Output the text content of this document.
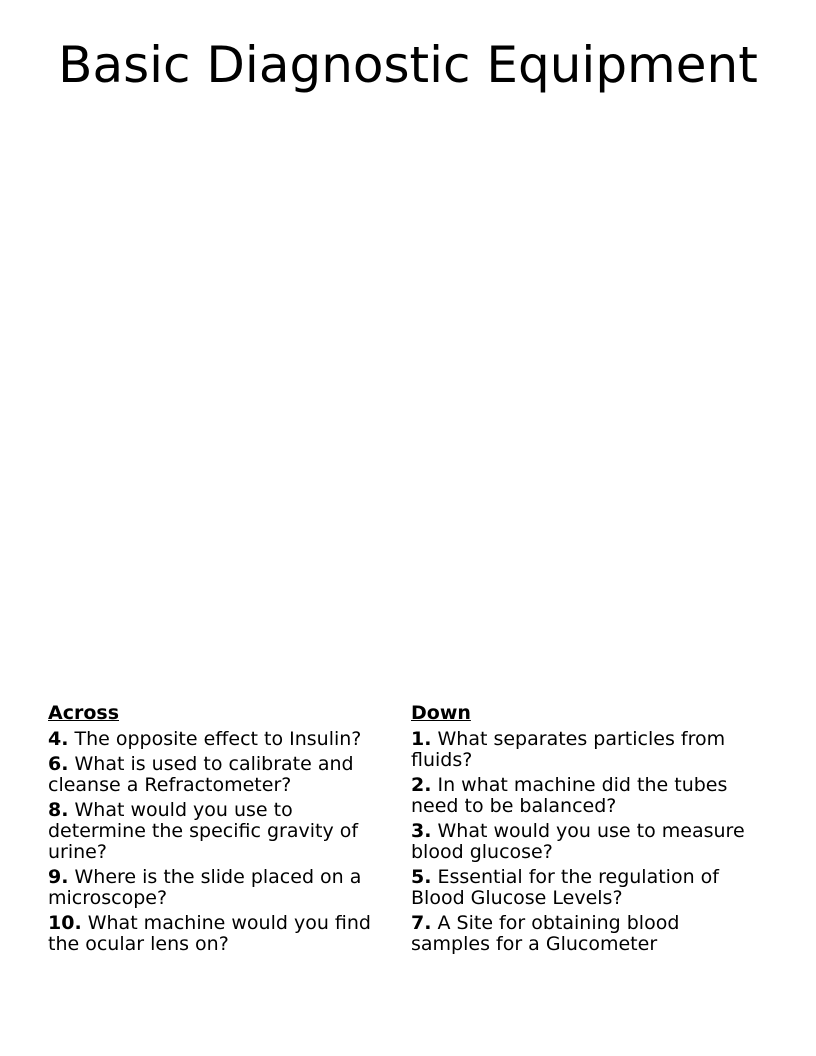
Basic Diagnostic Equipment
Across
4. The opposite effect to Insulin?
6. What is used to calibrate and cleanse a Refractometer?
8. What would you use to determine the specific gravity of urine?
9. Where is the slide placed on a microscope?
10. What machine would you find the ocular lens on?
Down
1. What separates particles from fluids?
2. In what machine did the tubes need to be balanced?
3. What would you use to measure blood glucose?
5. Essential for the regulation of Blood Glucose Levels?
7. A Site for obtaining blood samples for a Glucometer
